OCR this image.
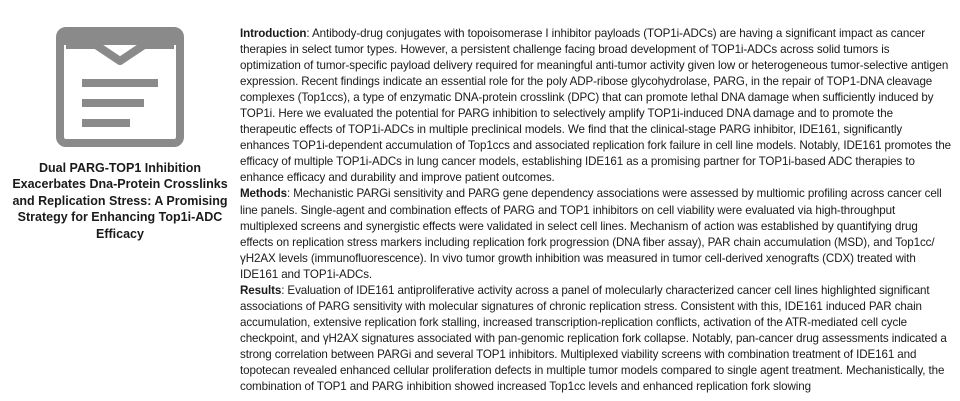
Dual PARG-TOP1 Inhibition Exacerbates Dna-Protein Crosslinks and Replication Stress: A Promising Strategy for Enhancing Top1i-ADC Efficacy

Introduction: Antibody-drug conjugates with topoisomerase I inhibitor payloads (TOP1i-ADCs) are having a significant impact as cancer therapies in select tumor types. However, a persistent challenge facing broad development of TOP1i-ADCs across solid tumors is optimization of tumor-specific payload delivery required for meaningful anti-tumor activity given low or heterogeneous tumor-selective antigen expression. Recent findings indicate an essential role for the poly ADP-ribose glycohydrolase, PARG, in the repair of TOP1-DNA cleavage complexes (Top1ccs), a type of enzymatic DNA-protein crosslink (DPC) that can promote lethal DNA damage when sufficiently induced by TOP1i. Here we evaluated the potential for PARG inhibition to selectively amplify TOP1i-induced DNA damage and to promote the therapeutic effects of TOP1i-ADCs in multiple preclinical models. We find that the clinical-stage PARG inhibitor, IDE161, significantly enhances TOP1i-dependent accumulation of Top1ccs and associated replication fork failure in cell line models. Notably, IDE161 promotes the efficacy of multiple TOP1i-ADCs in lung cancer models, establishing IDE161 as a promising partner for TOP1i-based ADC therapies to enhance efficacy and durability and improve patient outcomes.

Methods: Mechanistic PARGi sensitivity and PARG gene dependency associations were assessed by multiomic profiling across cancer cell line panels. Single-agent and combination effects of PARG and TOP1 inhibitors on cell viability were evaluated via high-throughput multiplexed screens and synergistic effects were validated in select cell lines. Mechanism of action was established by quantifying drug effects on replication stress markers including replication fork progression (DNA fiber assay), PAR chain accumulation (MSD), and Top1cc/γH2AX levels (immunofluorescence). In vivo tumor growth inhibition was measured in tumor cell-derived xenografts (CDX) treated with IDE161 and TOP1i-ADCs.

Results: Evaluation of IDE161 antiproliferative activity across a panel of molecularly characterized cancer cell lines highlighted significant associations of PARG sensitivity with molecular signatures of chronic replication stress. Consistent with this, IDE161 induced PAR chain accumulation, extensive replication fork stalling, increased transcription-replication conflicts, activation of the ATR-mediated cell cycle checkpoint, and γH2AX signatures associated with pan-genomic replication fork collapse. Notably, pan-cancer drug assessments indicated a strong correlation between PARGi and several TOP1 inhibitors. Multiplexed viability screens with combination treatment of IDE161 and topotecan revealed enhanced cellular proliferation defects in multiple tumor models compared to single agent treatment. Mechanistically, the combination of TOP1 and PARG inhibition showed increased Top1cc levels and enhanced replication fork slowing
